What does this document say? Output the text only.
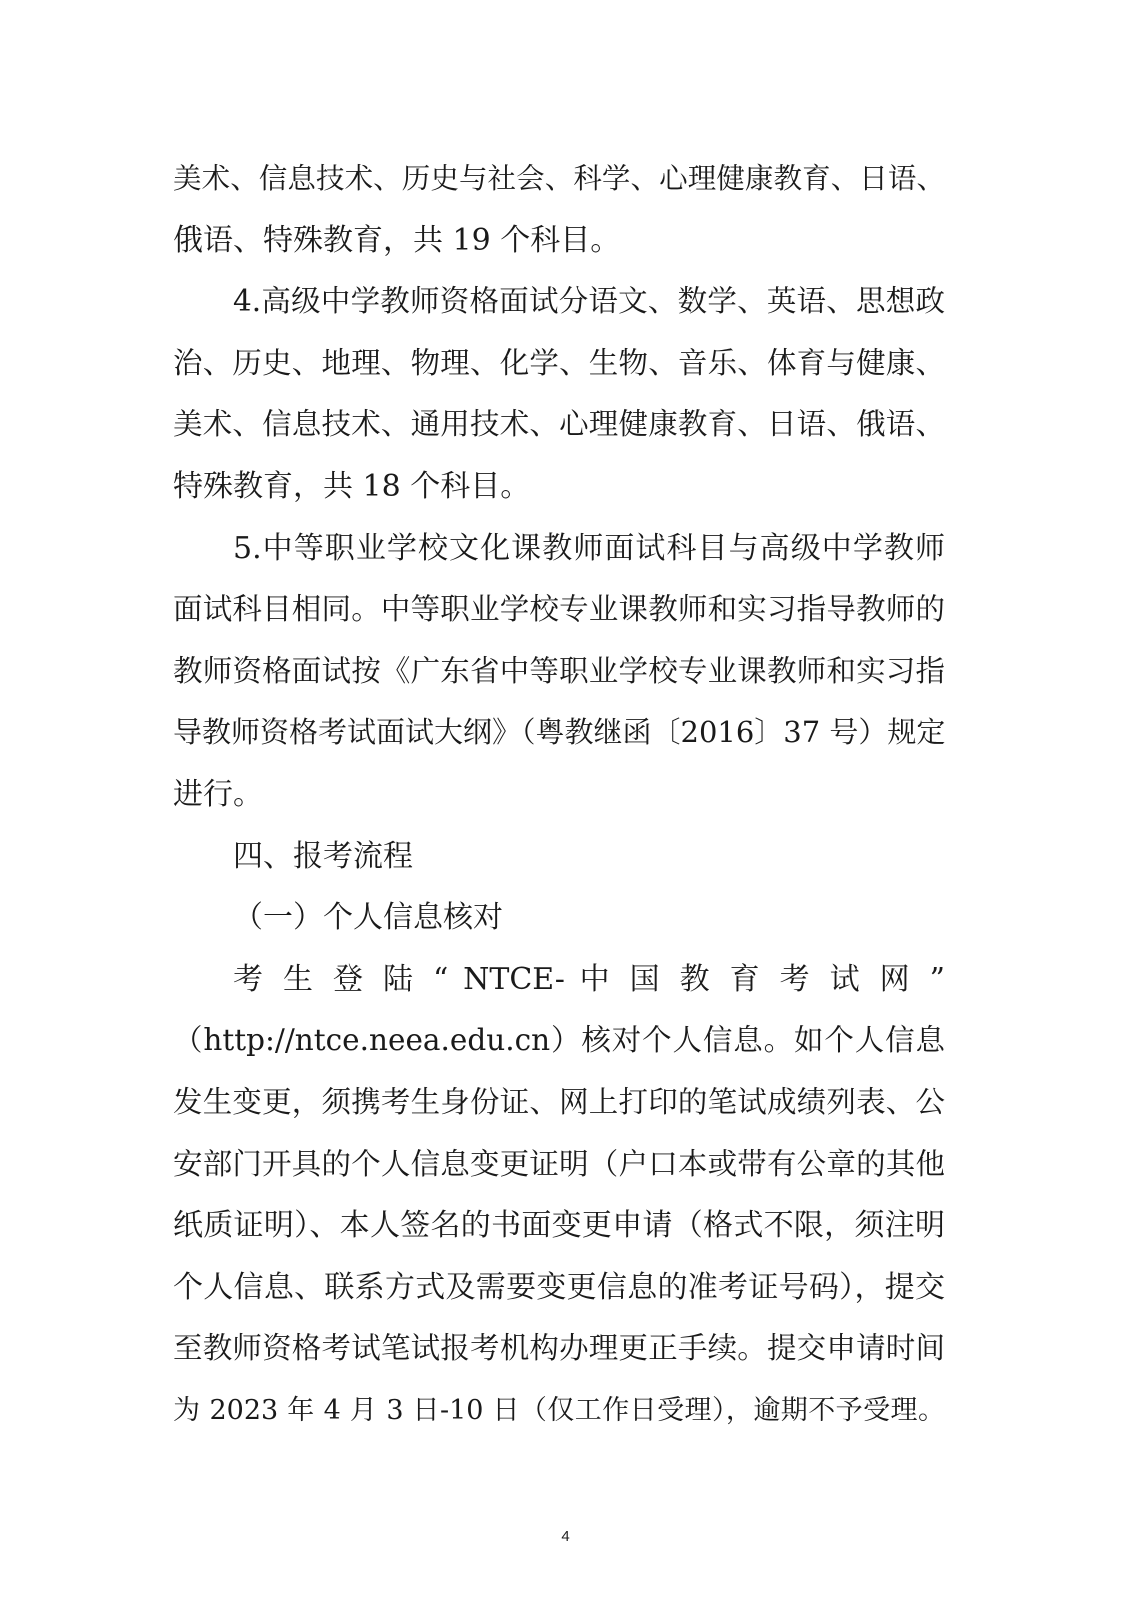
美术、信息技术、历史与社会、科学、心理健康教育、日语、
俄语、特殊教育，共 19 个科目。
4.高级中学教师资格面试分语文、数学、英语、思想政
治、历史、地理、物理、化学、生物、音乐、体育与健康、
美术、信息技术、通用技术、心理健康教育、日语、俄语、
特殊教育，共 18 个科目。
5.中等职业学校文化课教师面试科目与高级中学教师
面试科目相同。中等职业学校专业课教师和实习指导教师的
教师资格面试按《广东省中等职业学校专业课教师和实习指
导教师资格考试面试大纲》（粤教继函〔2016〕37 号）规定
进行。
四、报考流程
（一）个人信息核对
考 生 登 陆 “ NTCE- 中 国 教 育 考 试 网 ”
（http://ntce.neea.edu.cn）核对个人信息。如个人信息
发生变更，须携考生身份证、网上打印的笔试成绩列表、公
安部门开具的个人信息变更证明（户口本或带有公章的其他
纸质证明）、本人签名的书面变更申请（格式不限，须注明
个人信息、联系方式及需要变更信息的准考证号码），提交
至教师资格考试笔试报考机构办理更正手续。提交申请时间
为 2023 年 4 月 3 日-10 日（仅工作日受理），逾期不予受理。
4
